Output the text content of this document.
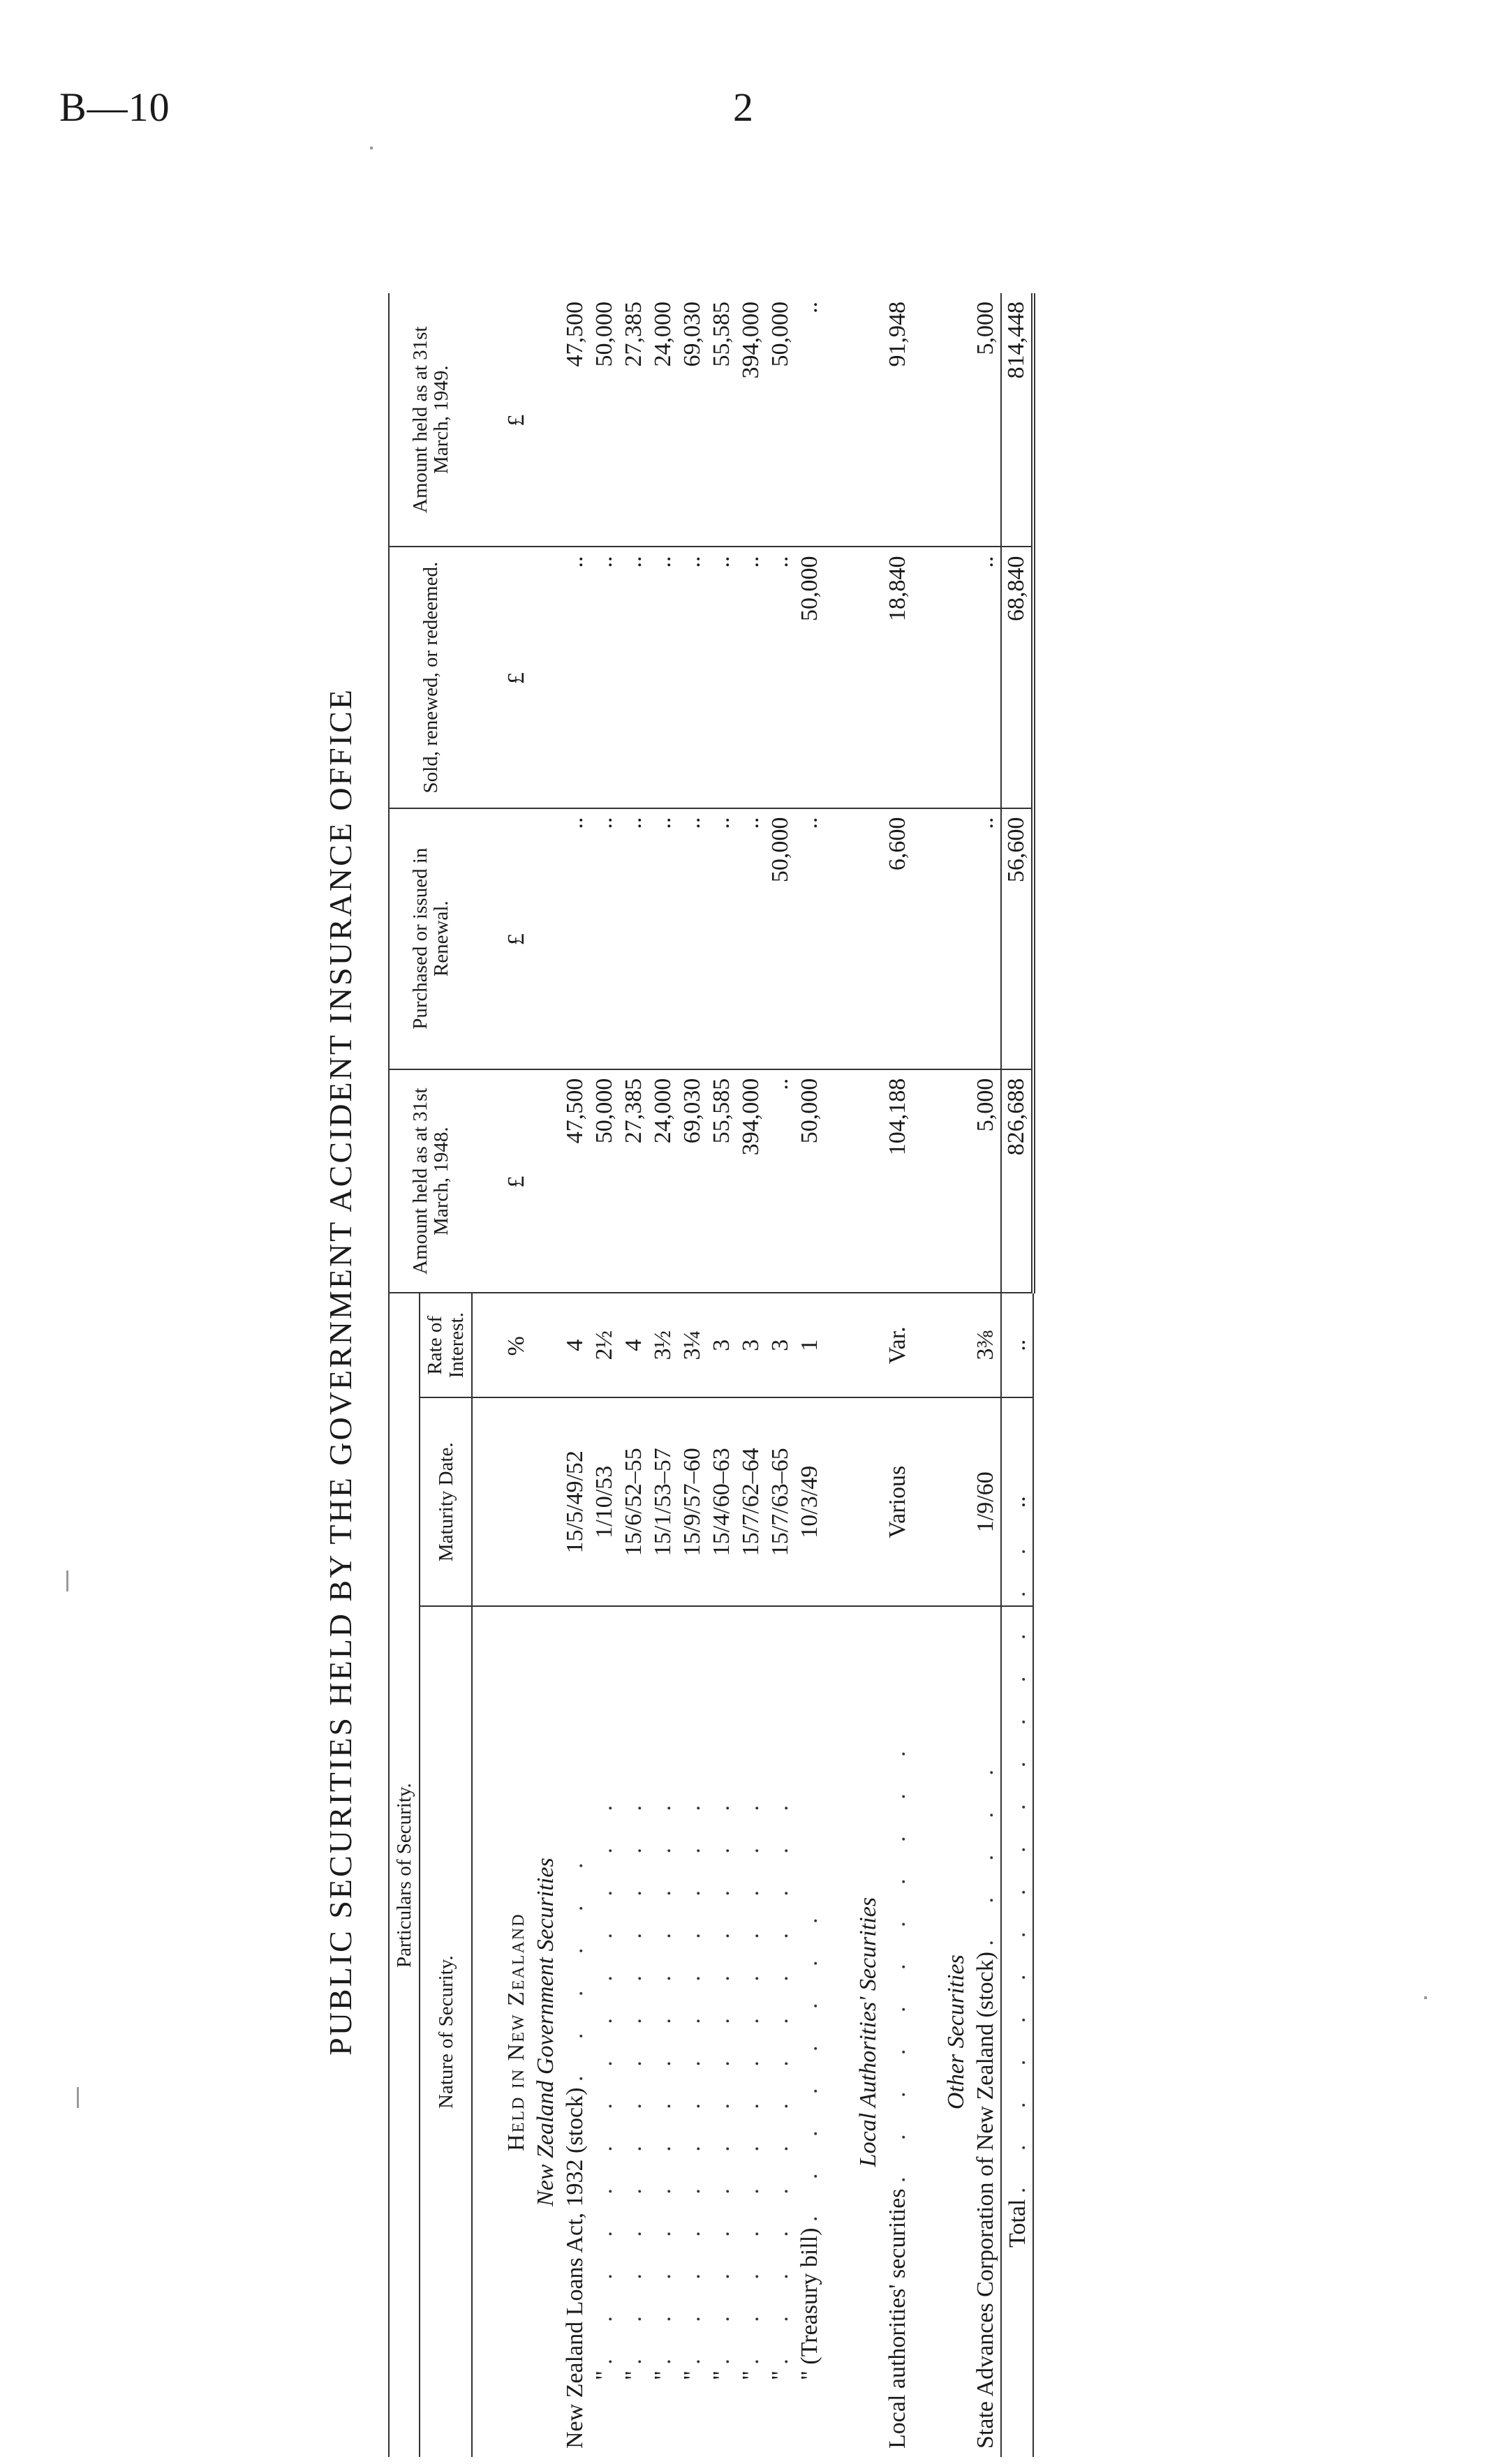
B—10	2
PUBLIC SECURITIES HELD BY THE GOVERNMENT ACCIDENT INSURANCE OFFICE Particulars of Security.			Amount held as at 31st March, 1948.	Purchased or issued in Renewal.	Sold, renewed, or redeemed.	Amount held as at 31st March, 1949.
Nature of Security.	Maturity Date.	Rate of Interest.				

Held in New Zealand		%	£	£	£	£
New Zealand Government Securities						
New Zealand Loans Act, 1932 (stock) . . . . . .	15/5/49/52	4	47,500	..	..	47,500
" . . . . . . . . . . . . . .	1/10/53	2½	50,000	..	..	50,000
" . . . . . . . . . . . . . .	15/6/52–55	4	27,385	..	..	27,385
" . . . . . . . . . . . . . .	15/1/53–57	3½	24,000	..	..	24,000
" . . . . . . . . . . . . . .	15/9/57–60	3¼	69,030	..	..	69,030
" . . . . . . . . . . . . . .	15/4/60–63	3	55,585	..	..	55,585
" . . . . . . . . . . . . . .	15/7/62–64	3	394,000	..	..	394,000
" . . . . . . . . . . . . . .	15/7/63–65	3	..	50,000	..	50,000
" (Treasury bill) . . . . . . . .	10/3/49	1	50,000	..	50,000	..

Local Authorities' Securities						
Local authorities' securities . . . . . . . . . . .	Various	Var.	104,188	6,600	18,840	91,948

Other Securities						
State Advances Corporation of New Zealand (stock) . . . . .	1/9/60	3⅜	5,000	..	..	5,000
Total . . . . . . . . . . . . . . . .	..	..	826,688	56,600	68,840	814,448
